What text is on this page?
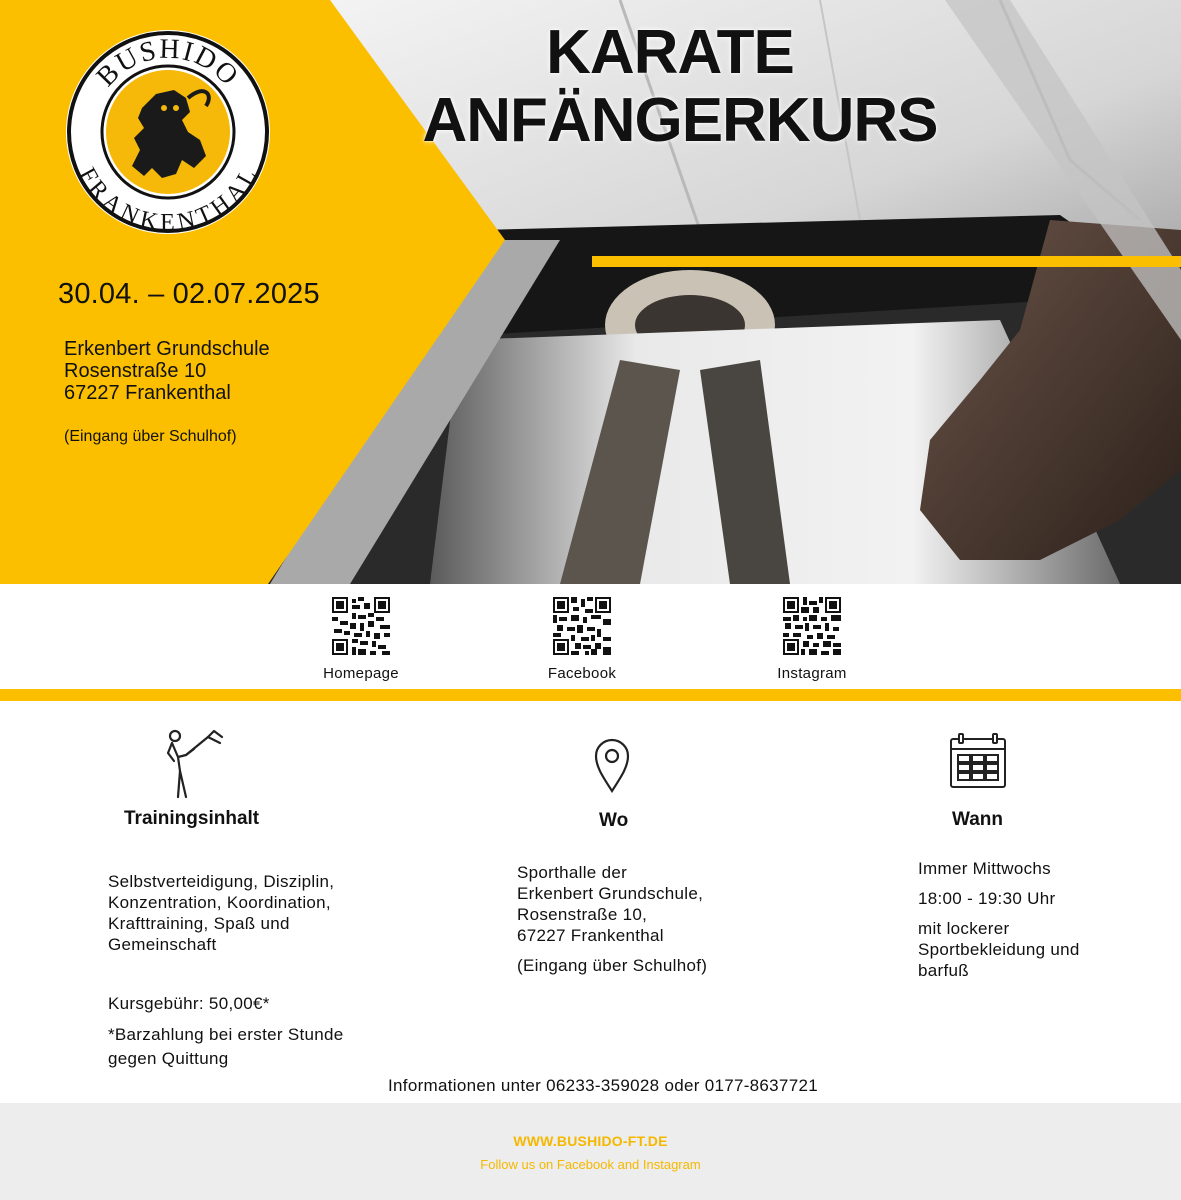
BUSHIDO
FRANKENTHAL
KARATE
ANFÄNGERKURS
30.04. – 02.07.2025
Erkenbert Grundschule
Rosenstraße 10
67227 Frankenthal
(Eingang über Schulhof)
Homepage	Facebook	Instagram
Trainingsinhalt
Selbstverteidigung, Disziplin,
Konzentration, Koordination,
Krafttraining, Spaß und
Gemeinschaft
Kursgebühr: 50,00€*
*Barzahlung bei erster Stunde
gegen Quittung
Wo
Sporthalle der
Erkenbert Grundschule,
Rosenstraße 10,
67227 Frankenthal
(Eingang über Schulhof)
Wann
Immer Mittwochs
18:00 - 19:30 Uhr
mit lockerer
Sportbekleidung und
barfuß
Informationen unter 06233-359028 oder 0177-8637721
WWW.BUSHIDO-FT.DE
Follow us on Facebook and Instagram
